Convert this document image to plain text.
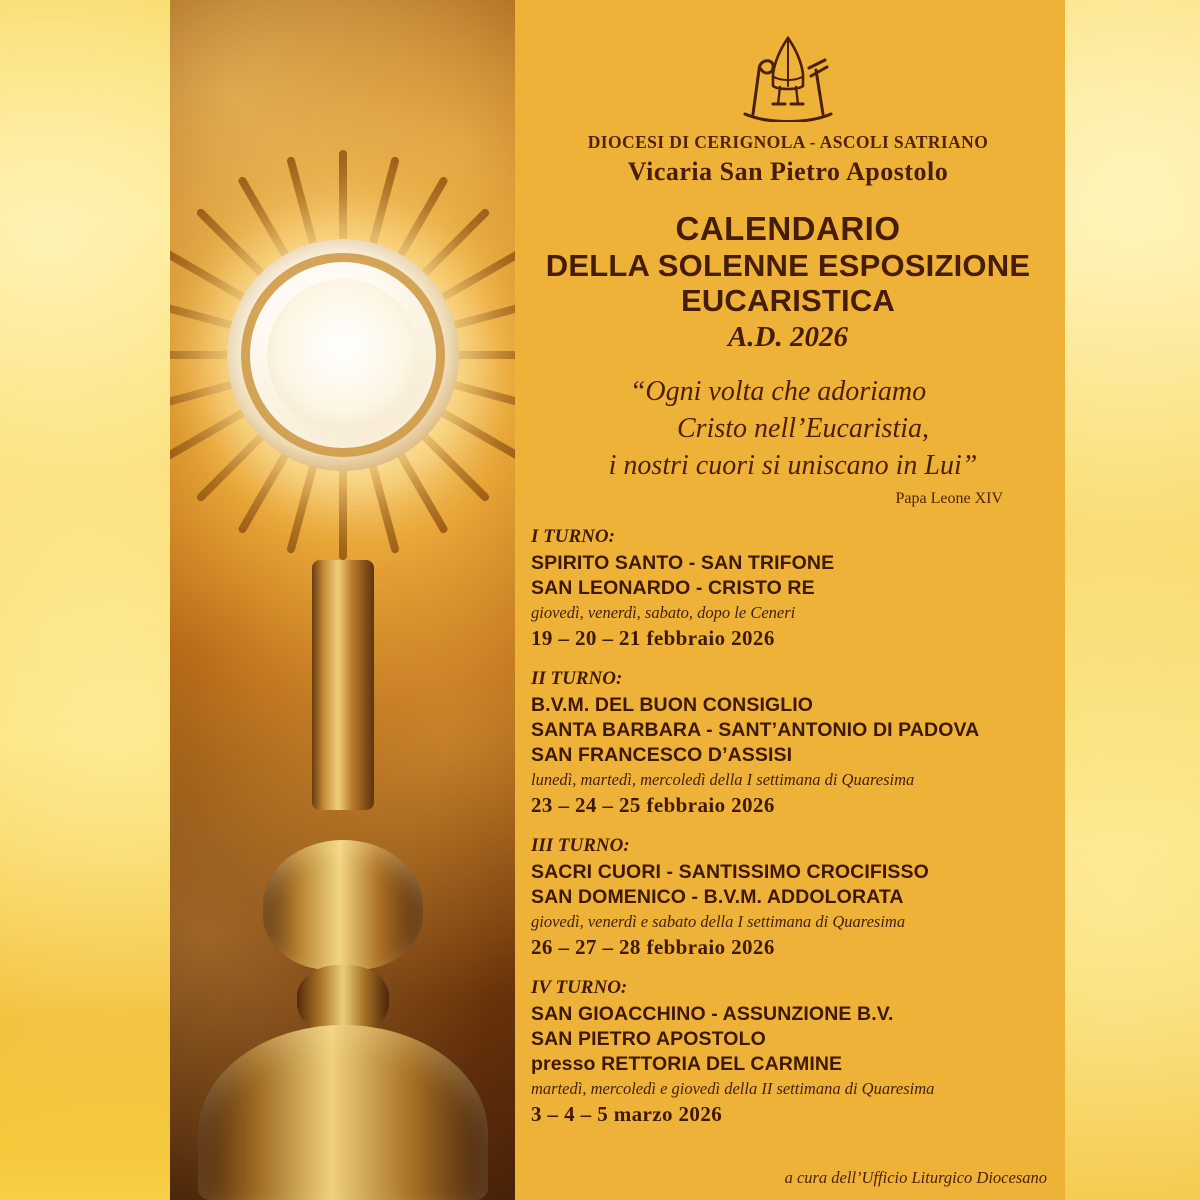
DIOCESI DI CERIGNOLA - ASCOLI SATRIANO
Vicaria San Pietro Apostolo
CALENDARIO
DELLA SOLENNE ESPOSIZIONE
EUCARISTICA
A.D. 2026
“Ogni volta che adoriamo
Cristo nell’Eucaristia,
i nostri cuori si uniscano in Lui”
Papa Leone XIV
I TURNO:
SPIRITO SANTO - SAN TRIFONE
SAN LEONARDO - CRISTO RE
giovedì, venerdì, sabato, dopo le Ceneri
19 – 20 – 21 febbraio 2026
II TURNO:
B.V.M. DEL BUON CONSIGLIO
SANTA BARBARA - SANT’ANTONIO DI PADOVA
SAN FRANCESCO D’ASSISI
lunedì, martedì, mercoledì della I settimana di Quaresima
23 – 24 – 25 febbraio 2026
III TURNO:
SACRI CUORI - SANTISSIMO CROCIFISSO
SAN DOMENICO - B.V.M. ADDOLORATA
giovedì, venerdì e sabato della I settimana di Quaresima
26 – 27 – 28 febbraio 2026
IV TURNO:
SAN GIOACCHINO - ASSUNZIONE B.V.
SAN PIETRO APOSTOLO
presso RETTORIA DEL CARMINE
martedì, mercoledì e giovedì della II settimana di Quaresima
3 – 4 – 5 marzo 2026
a cura dell’Ufficio Liturgico Diocesano
